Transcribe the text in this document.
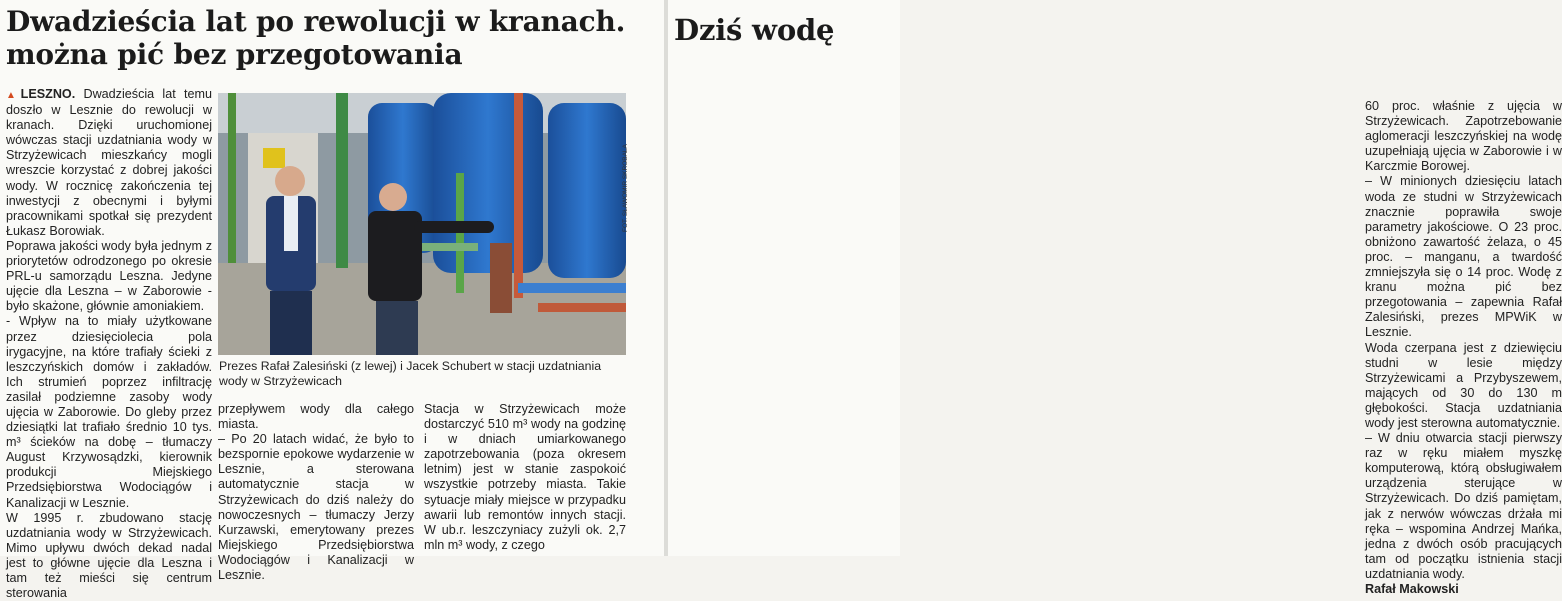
Dwadzieścia lat po rewolucji w kranach.
można pić bez przegotowania

▲LESZNO. Dwadzieścia lat temu doszło w Lesznie do rewolucji w kranach. Dzięki uruchomionej wówczas stacji uzdatniania wody w Strzyżewicach mieszkańcy mogli wreszcie korzystać z dobrej jakości wody. W rocznicę zakończenia tej inwestycji z obecnymi i byłymi pracownikami spotkał się prezydent Łukasz Borowiak.

Poprawa jakości wody była jednym z priorytetów odrodzonego po okresie PRL-u samorządu Leszna. Jedyne ujęcie dla Leszna – w Zaborowie - było skażone, głównie amoniakiem.

- Wpływ na to miały użytkowane przez dziesięciolecia pola irygacyjne, na które trafiały ścieki z leszczyńskich domów i zakładów. Ich strumień poprzez infiltrację zasilał podziemne zasoby wody ujęcia w Zaborowie. Do gleby przez dziesiątki lat trafiało średnio 10 tys. m³ ścieków na dobę – tłumaczy August Krzywosądzki, kierownik produkcji Miejskiego Przedsiębiorstwa Wodociągów i Kanalizacji w Lesznie.

W 1995 r. zbudowano stację uzdatniania wody w Strzyżewicach. Mimo upływu dwóch dekad nadal jest to główne ujęcie dla Leszna i tam też mieści się centrum sterowania

FOT. SŁAWOMIR SKROBALA
Prezes Rafał Zalesiński (z lewej) i Jacek Schubert w stacji uzdatniania wody w Strzyżewicach

przepływem wody dla całego miasta.

– Po 20 latach widać, że było to bezspornie epokowe wydarzenie w Lesznie, a sterowana automatycznie stacja w Strzyżewicach do dziś należy do nowoczesnych – tłumaczy Jerzy Kurzawski, emerytowany prezes Miejskiego Przedsiębiorstwa Wodociągów i Kanalizacji w Lesznie.

Stacja w Strzyżewicach może dostarczyć 510 m³ wody na godzinę i w dniach umiarkowanego zapotrzebowania (poza okresem letnim) jest w stanie zaspokoić wszystkie potrzeby miasta. Takie sytuacje miały miejsce w przypadku awarii lub remontów innych stacji. W ub.r. leszczyniacy zużyli ok. 2,7 mln m³ wody, z czego

Dziś wodę

60 proc. właśnie z ujęcia w Strzyżewicach. Zapotrzebowanie aglomeracji leszczyńskiej na wodę uzupełniają ujęcia w Zaborowie i w Karczmie Borowej.

– W minionych dziesięciu latach woda ze studni w Strzyżewicach znacznie poprawiła swoje parametry jakościowe. O 23 proc. obniżono zawartość żelaza, o 45 proc. – manganu, a twardość zmniejszyła się o 14 proc. Wodę z kranu można pić bez przegotowania – zapewnia Rafał Zalesiński, prezes MPWiK w Lesznie.

Woda czerpana jest z dziewięciu studni w lesie między Strzyżewicami a Przybyszewem, mających od 30 do 130 m głębokości. Stacja uzdatniania wody jest sterowna automatycznie.

– W dniu otwarcia stacji pierwszy raz w ręku miałem myszkę komputerową, którą obsługiwałem urządzenia sterujące w Strzyżewicach. Do dziś pamiętam, jak z nerwów wówczas drżała mi ręka – wspomina Andrzej Mańka, jedna z dwóch osób pracujących tam od początku istnienia stacji uzdatniania wody.

Rafał Makowski
